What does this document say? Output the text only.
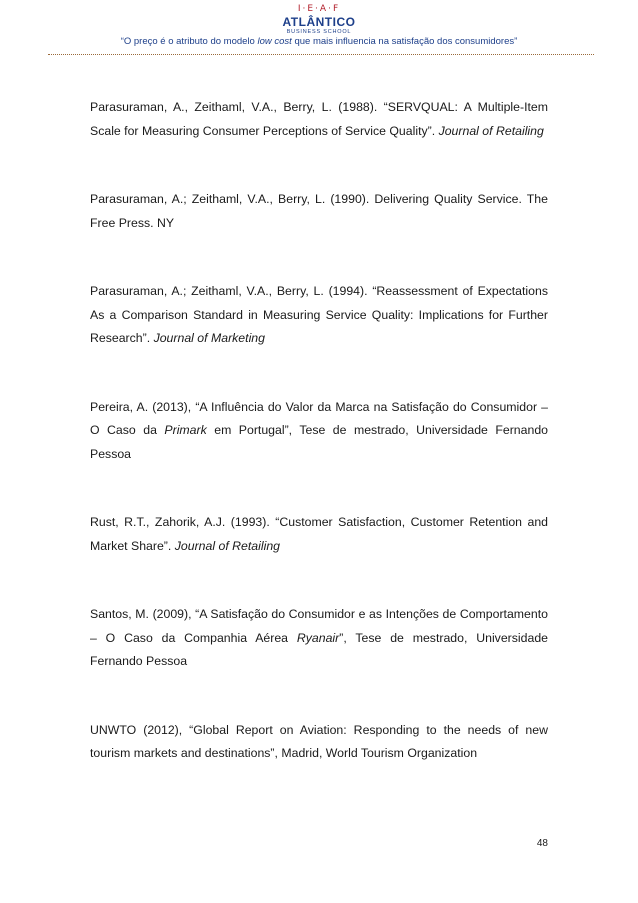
I·E·A·F
ATLÂNTICO
BUSINESS SCHOOL
“O preço é o atributo do modelo low cost que mais influencia na satisfação dos consumidores”

Parasuraman, A., Zeithaml, V.A., Berry, L. (1988). “SERVQUAL: A Multiple-Item Scale for Measuring Consumer Perceptions of Service Quality”. Journal of Retailing

Parasuraman, A.; Zeithaml, V.A., Berry, L. (1990). Delivering Quality Service. The Free Press. NY

Parasuraman, A.; Zeithaml, V.A., Berry, L. (1994). “Reassessment of Expectations As a Comparison Standard in Measuring Service Quality: Implications for Further Research”. Journal of Marketing

Pereira, A. (2013), “A Influência do Valor da Marca na Satisfação do Consumidor – O Caso da Primark em Portugal”, Tese de mestrado, Universidade Fernando Pessoa

Rust, R.T., Zahorik, A.J. (1993). “Customer Satisfaction, Customer Retention and Market Share”. Journal of Retailing

Santos, M. (2009), “A Satisfação do Consumidor e as Intenções de Comportamento – O Caso da Companhia Aérea Ryanair”, Tese de mestrado, Universidade Fernando Pessoa

UNWTO (2012), “Global Report on Aviation: Responding to the needs of new tourism markets and destinations”, Madrid, World Tourism Organization

48
